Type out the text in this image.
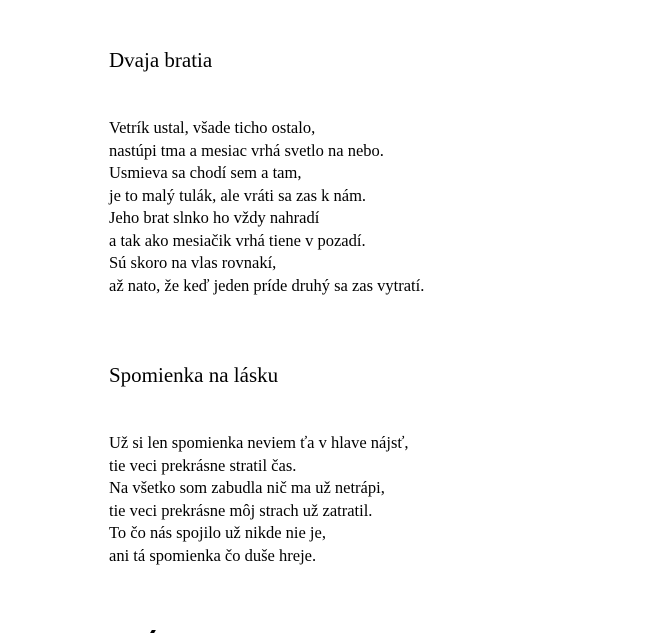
Dvaja bratia
Vetrík ustal, všade ticho ostalo,
nastúpi tma a mesiac vrhá svetlo na nebo.
Usmieva sa chodí sem a tam,
je to malý tulák, ale vráti sa zas k nám.
Jeho brat slnko ho vždy nahradí
a tak ako mesiačik vrhá tiene v pozadí.
Sú skoro na vlas rovnakí,
až nato, že keď jeden príde druhý sa zas vytratí.
Spomienka na lásku
Už si len spomienka neviem ťa v hlave nájsť,
tie veci prekrásne stratil čas.
Na všetko som zabudla nič ma už netrápi,
tie veci prekrásne môj strach už zatratil.
To čo nás spojilo už nikde nie je,
ani tá spomienka čo duše hreje.
